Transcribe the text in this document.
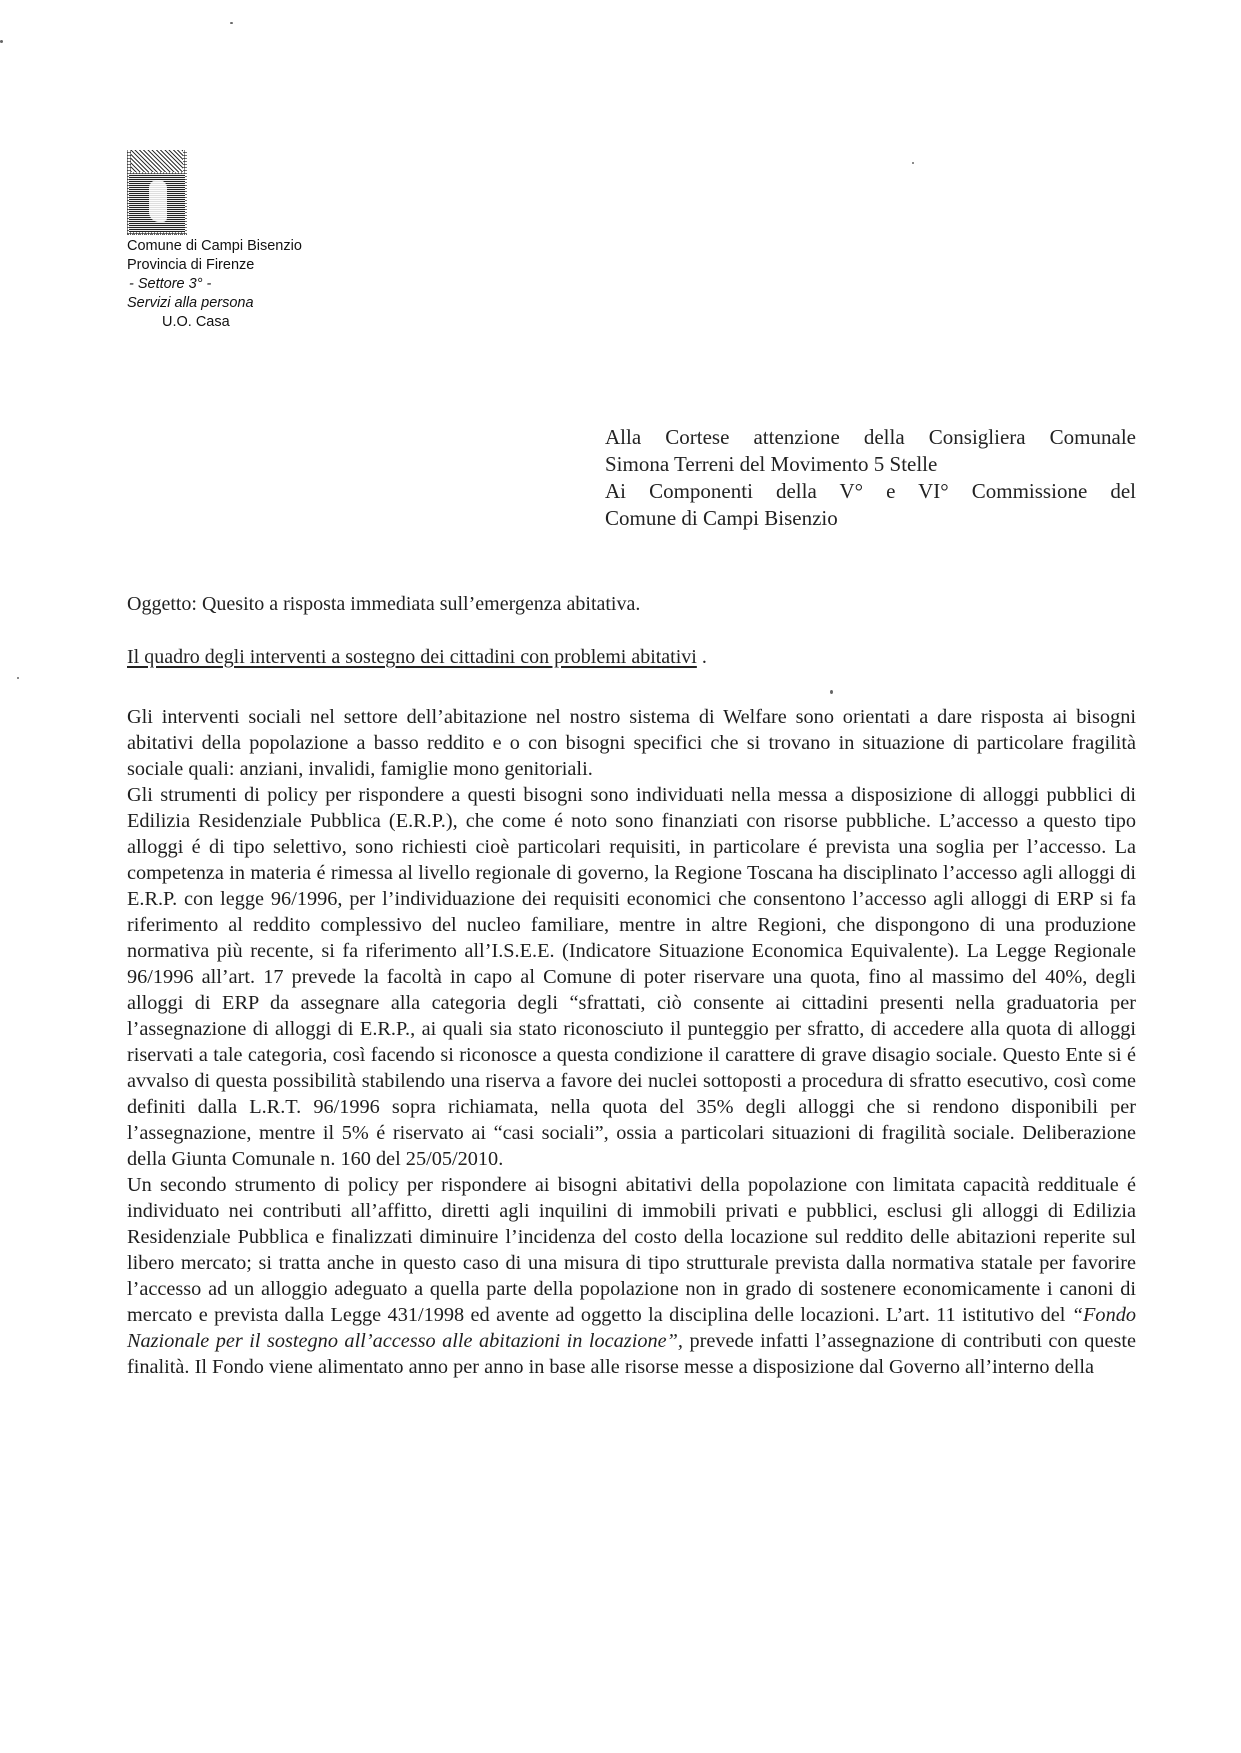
Comune di Campi Bisenzio
Provincia di Firenze
- Settore 3° -
Servizi alla persona
U.O. Casa
Alla Cortese attenzione della Consigliera Comunale
Simona Terreni del Movimento 5 Stelle
Ai Componenti della V° e VI° Commissione del
Comune di Campi Bisenzio
Oggetto: Quesito a risposta immediata sull’emergenza abitativa.
Il quadro degli interventi a sostegno dei cittadini con problemi abitativi .

Gli interventi sociali nel settore dell’abitazione nel nostro sistema di Welfare sono orientati a dare risposta ai bisogni abitativi della popolazione a basso reddito e o con bisogni specifici che si trovano in situazione di particolare fragilità sociale quali: anziani, invalidi, famiglie mono genitoriali.

Gli strumenti di policy per rispondere a questi bisogni sono individuati nella messa a disposizione di alloggi pubblici di Edilizia Residenziale Pubblica (E.R.P.), che come é noto sono finanziati con risorse pubbliche. L’accesso a questo tipo alloggi é di tipo selettivo, sono richiesti cioè particolari requisiti, in particolare é prevista una soglia per l’accesso. La competenza in materia é rimessa al livello regionale di governo, la Regione Toscana ha disciplinato l’accesso agli alloggi di E.R.P. con legge 96/1996, per l’individuazione dei requisiti economici che consentono l’accesso agli alloggi di ERP si fa riferimento al reddito complessivo del nucleo familiare, mentre in altre Regioni, che dispongono di una produzione normativa più recente, si fa riferimento all’I.S.E.E. (Indicatore Situazione Economica Equivalente). La Legge Regionale 96/1996 all’art. 17 prevede la facoltà in capo al Comune di poter riservare una quota, fino al massimo del 40%, degli alloggi di ERP da assegnare alla categoria degli “sfrattati, ciò consente ai cittadini presenti nella graduatoria per l’assegnazione di alloggi di E.R.P., ai quali sia stato riconosciuto il punteggio per sfratto, di accedere alla quota di alloggi riservati a tale categoria, così facendo si riconosce a questa condizione il carattere di grave disagio sociale. Questo Ente si é avvalso di questa possibilità stabilendo una riserva a favore dei nuclei sottoposti a procedura di sfratto esecutivo, così come definiti dalla L.R.T. 96/1996 sopra richiamata, nella quota del 35% degli alloggi che si rendono disponibili per l’assegnazione, mentre il 5% é riservato ai “casi sociali”, ossia a particolari situazioni di fragilità sociale. Deliberazione della Giunta Comunale n. 160 del 25/05/2010.

Un secondo strumento di policy per rispondere ai bisogni abitativi della popolazione con limitata capacità reddituale é individuato nei contributi all’affitto, diretti agli inquilini di immobili privati e pubblici, esclusi gli alloggi di Edilizia Residenziale Pubblica e finalizzati diminuire l’incidenza del costo della locazione sul reddito delle abitazioni reperite sul libero mercato; si tratta anche in questo caso di una misura di tipo strutturale prevista dalla normativa statale per favorire l’accesso ad un alloggio adeguato a quella parte della popolazione non in grado di sostenere economicamente i canoni di mercato e prevista dalla Legge 431/1998 ed avente ad oggetto la disciplina delle locazioni. L’art. 11 istitutivo del “Fondo Nazionale per il sostegno all’accesso alle abitazioni in locazione”, prevede infatti l’assegnazione di contributi con queste finalità. Il Fondo viene alimentato anno per anno in base alle risorse messe a disposizione dal Governo all’interno della
